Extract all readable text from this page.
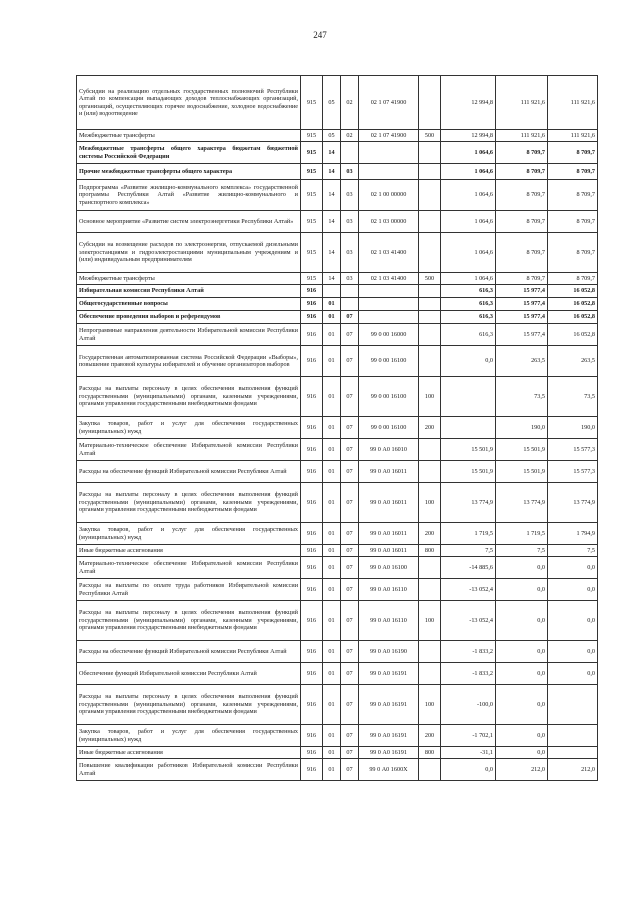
247
Субсидии на реализацию отдельных государственных полномочий Республики Алтай по компенсации выпадающих доходов теплоснабжающих организаций, организаций, осуществляющих горячее водоснабжение, холодное водоснабжение и (или) водоотведение	915	05	02	02 1 07 41900		12 994,8	111 921,6	111 921,6
Межбюджетные трансферты	915	05	02	02 1 07 41900	500	12 994,8	111 921,6	111 921,6
Межбюджетные трансферты общего характера бюджетам бюджетной системы Российской Федерации	915	14				1 064,6	8 709,7	8 709,7
Прочие межбюджетные трансферты общего характера	915	14	03			1 064,6	8 709,7	8 709,7
Подпрограмма «Развитие жилищно-коммунального комплекса» государственной программы Республики Алтай «Развитие жилищно-коммунального и транспортного комплекса»	915	14	03	02 1 00 00000		1 064,6	8 709,7	8 709,7
Основное мероприятие «Развитие систем электроэнергетики Республики Алтай»	915	14	03	02 1 03 00000		1 064,6	8 709,7	8 709,7
Субсидии на возмещение расходов по электроэнергии, отпускаемой дизельными электростанциями и гидроэлектростанциями муниципальным учреждениям и (или) индивидуальным предпринимателям	915	14	03	02 1 03 41400		1 064,6	8 709,7	8 709,7
Межбюджетные трансферты	915	14	03	02 1 03 41400	500	1 064,6	8 709,7	8 709,7
Избирательная комиссия Республики Алтай	916					616,3	15 977,4	16 052,8
Общегосударственные вопросы	916	01				616,3	15 977,4	16 052,8
Обеспечение проведения выборов и референдумов	916	01	07			616,3	15 977,4	16 052,8
Непрограммные направления деятельности Избирательной комиссии Республики Алтай	916	01	07	99 0 00 16000		616,3	15 977,4	16 052,8
Государственная автоматизированная система Российской Федерации «Выборы», повышение правовой культуры избирателей и обучение организаторов выборов	916	01	07	99 0 00 16100		0,0	263,5	263,5
Расходы на выплаты персоналу в целях обеспечения выполнения функций государственными (муниципальными) органами, казенными учреждениями, органами управления государственными внебюджетными фондами	916	01	07	99 0 00 16100	100		73,5	73,5
Закупка товаров, работ и услуг для обеспечения государственных (муниципальных) нужд	916	01	07	99 0 00 16100	200		190,0	190,0
Материально-техническое обеспечение Избирательной комиссии Республики Алтай	916	01	07	99 0 А0 16010		15 501,9	15 501,9	15 577,3
Расходы на обеспечение функций Избирательной комиссии Республики Алтай	916	01	07	99 0 А0 16011		15 501,9	15 501,9	15 577,3
Расходы на выплаты персоналу в целях обеспечения выполнения функций государственными (муниципальными) органами, казенными учреждениями, органами управления государственными внебюджетными фондами	916	01	07	99 0 А0 16011	100	13 774,9	13 774,9	13 774,9
Закупка товаров, работ и услуг для обеспечения государственных (муниципальных) нужд	916	01	07	99 0 А0 16011	200	1 719,5	1 719,5	1 794,9
Иные бюджетные ассигнования	916	01	07	99 0 А0 16011	800	7,5	7,5	7,5
Материально-техническое обеспечение Избирательной комиссии Республики Алтай	916	01	07	99 0 А0 16100		-14 885,6	0,0	0,0
Расходы на выплаты по оплате труда работников Избирательной комиссии Республики Алтай	916	01	07	99 0 А0 16110		-13 052,4	0,0	0,0
Расходы на выплаты персоналу в целях обеспечения выполнения функций государственными (муниципальными) органами, казенными учреждениями, органами управления государственными внебюджетными фондами	916	01	07	99 0 А0 16110	100	-13 052,4	0,0	0,0
Расходы на обеспечение функций Избирательной комиссии Республики Алтай	916	01	07	99 0 А0 16190		-1 833,2	0,0	0,0
Обеспечение функций Избирательной комиссии Республики Алтай	916	01	07	99 0 А0 16191		-1 833,2	0,0	0,0
Расходы на выплаты персоналу в целях обеспечения выполнения функций государственными (муниципальными) органами, казенными учреждениями, органами управления государственными внебюджетными фондами	916	01	07	99 0 А0 16191	100	-100,0	0,0	
Закупка товаров, работ и услуг для обеспечения государственных (муниципальных) нужд	916	01	07	99 0 А0 16191	200	-1 702,1	0,0	
Иные бюджетные ассигнования	916	01	07	99 0 А0 16191	800	-31,1	0,0	
Повышение квалификации работников Избирательной комиссии Республики Алтай	916	01	07	99 0 А0 1600Х		0,0	212,0	212,0
